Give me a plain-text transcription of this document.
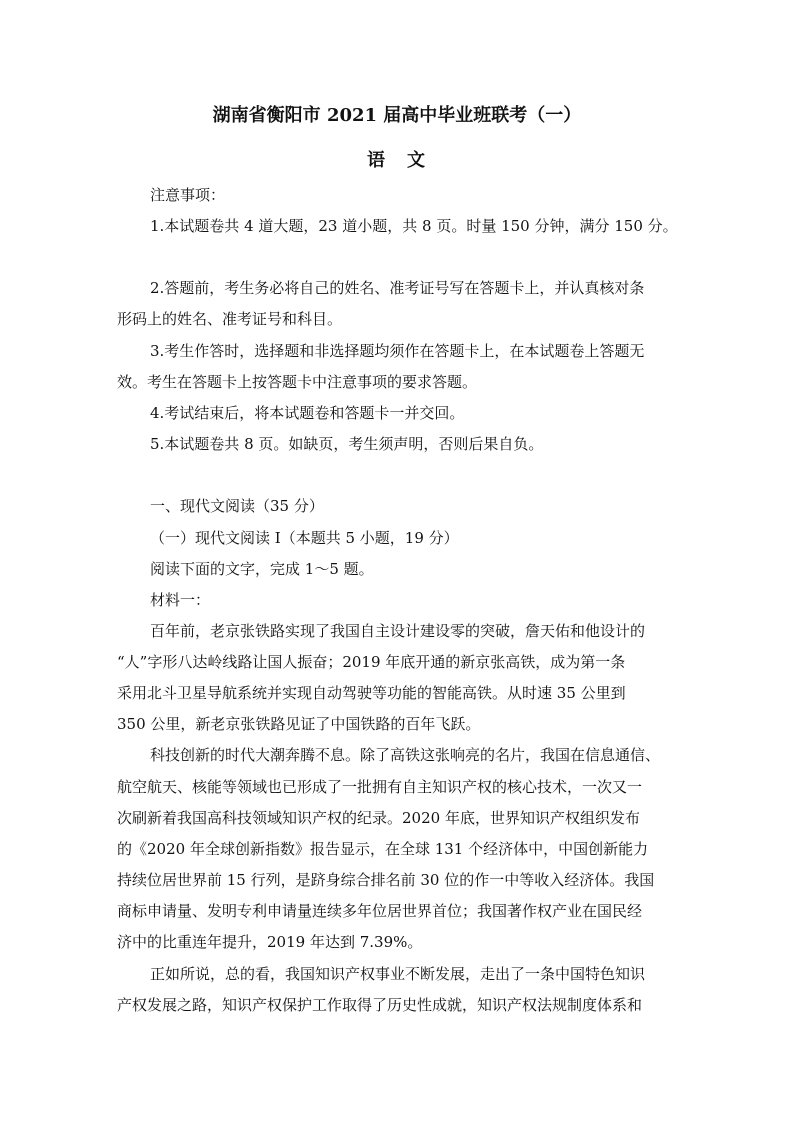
湖南省衡阳市 2021 届高中毕业班联考（一）
语　文
注意事项：
1.本试题卷共 4 道大题，23 道小题，共 8 页。时量 150 分钟，满分 150 分。
2.答题前，考生务必将自己的姓名、准考证号写在答题卡上，并认真核对条
形码上的姓名、准考证号和科目。
3.考生作答时，选择题和非选择题均须作在答题卡上，在本试题卷上答题无
效。考生在答题卡上按答题卡中注意事项的要求答题。
4.考试结束后，将本试题卷和答题卡一并交回。
5.本试题卷共 8 页。如缺页，考生须声明，否则后果自负。
一、现代文阅读（35 分）
（一）现代文阅读 I（本题共 5 小题，19 分）
阅读下面的文字，完成 1～5 题。
材料一：
百年前，老京张铁路实现了我国自主设计建设零的突破，詹天佑和他设计的
“人”字形八达岭线路让国人振奋；2019 年底开通的新京张高铁，成为第一条
采用北斗卫星导航系统并实现自动驾驶等功能的智能高铁。从时速 35 公里到
350 公里，新老京张铁路见证了中国铁路的百年飞跃。
科技创新的时代大潮奔腾不息。除了高铁这张响亮的名片，我国在信息通信、
航空航天、核能等领域也已形成了一批拥有自主知识产权的核心技术，一次又一
次刷新着我国高科技领域知识产权的纪录。2020 年底，世界知识产权组织发布
的《2020 年全球创新指数》报告显示，在全球 131 个经济体中，中国创新能力
持续位居世界前 15 行列，是跻身综合排名前 30 位的作一中等收入经济体。我国
商标申请量、发明专利申请量连续多年位居世界首位；我国著作权产业在国民经
济中的比重连年提升，2019 年达到 7.39%。
正如所说，总的看，我国知识产权事业不断发展，走出了一条中国特色知识
产权发展之路，知识产权保护工作取得了历史性成就，知识产权法规制度体系和
